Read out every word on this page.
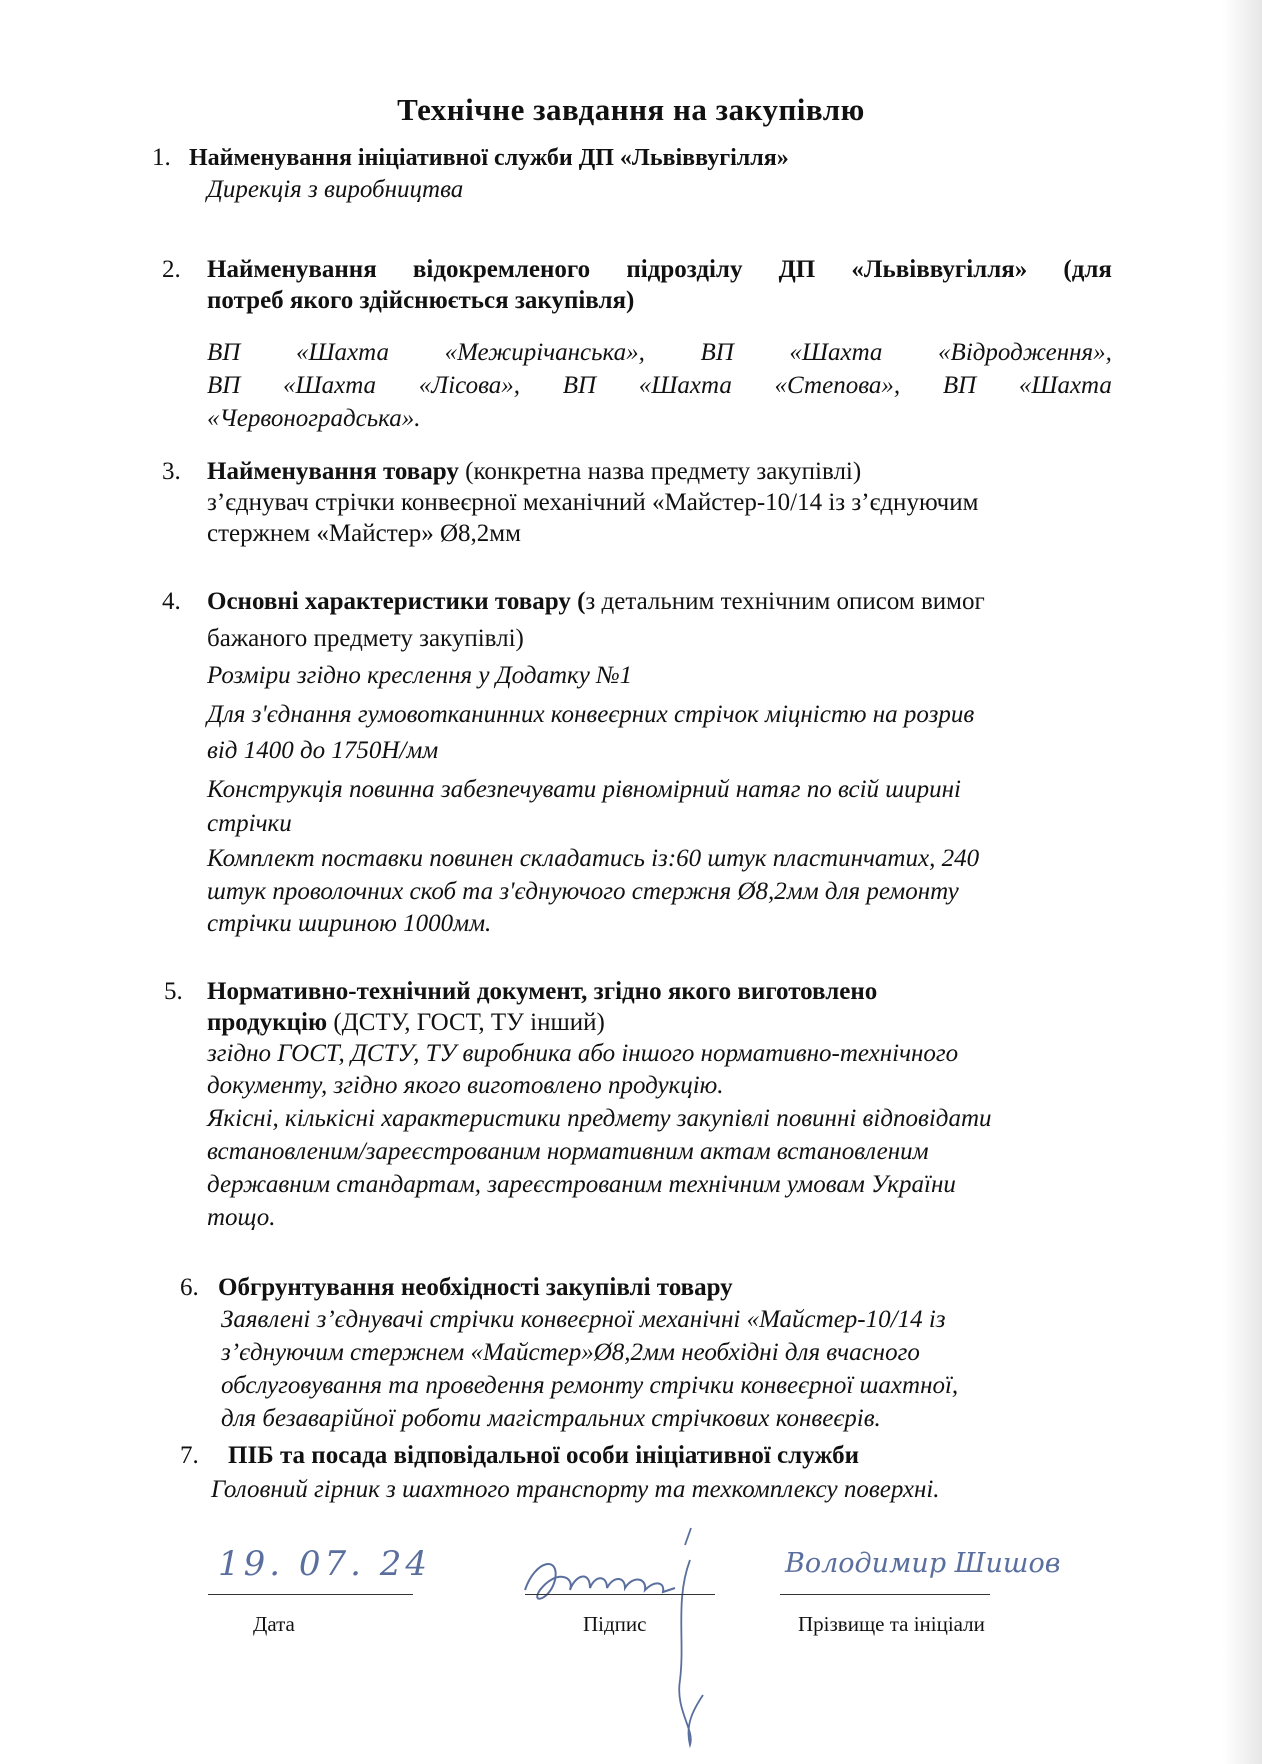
Технічне завдання на закупівлю
1. Найменування ініціативної служби ДП «Львіввугілля»
Дирекція з виробництва
2. Найменування відокремленого підрозділу ДП «Львіввугілля» (для
потреб якого здійснюється закупівля)
ВП «Шахта «Межирічанська», ВП «Шахта «Відродження»,
ВП «Шахта «Лісова», ВП «Шахта «Степова», ВП «Шахта
«Червоноградська».
3. Найменування товару (конкретна назва предмету закупівлі)
з’єднувач стрічки конвеєрної механічний «Майстер-10/14 із з’єднуючим
стержнем «Майстер» Ø8,2мм
4. Основні характеристики товару (з детальним технічним описом вимог
бажаного предмету закупівлі)
Розміри згідно креслення у Додатку №1
Для з'єднання гумовотканинних конвеєрних стрічок міцністю на розрив
від 1400 до 1750Н/мм
Конструкція повинна забезпечувати рівномірний натяг по всій ширині
стрічки
Комплект поставки повинен складатись із:60 штук пластинчатих, 240
штук проволочних скоб та з'єднуючого стержня Ø8,2мм для ремонту
стрічки шириною 1000мм.
5. Нормативно-технічний документ, згідно якого виготовлено
продукцію (ДСТУ, ГОСТ, ТУ інший)
згідно ГОСТ, ДСТУ, ТУ виробника або іншого нормативно-технічного
документу, згідно якого виготовлено продукцію.
Якісні, кількісні характеристики предмету закупівлі повинні відповідати
встановленим/зареєстрованим нормативним актам встановленим
державним стандартам, зареєстрованим технічним умовам України
тощо.
6. Обгрунтування необхідності закупівлі товару
Заявлені з’єднувачі стрічки конвеєрної механічні «Майстер-10/14 із
з’єднуючим стержнем «Майстер»Ø8,2мм необхідні для вчасного
обслуговування та проведення ремонту стрічки конвеєрної шахтної,
для безаварійної роботи магістральних стрічкових конвеєрів.
7. ПІБ та посада відповідальної особи ініціативної служби
Головний гірник з шахтного транспорту та техкомплексу поверхні.
19. 07. 24
Дата	Підпис
Володимир Шишов
Прізвище та ініціали
